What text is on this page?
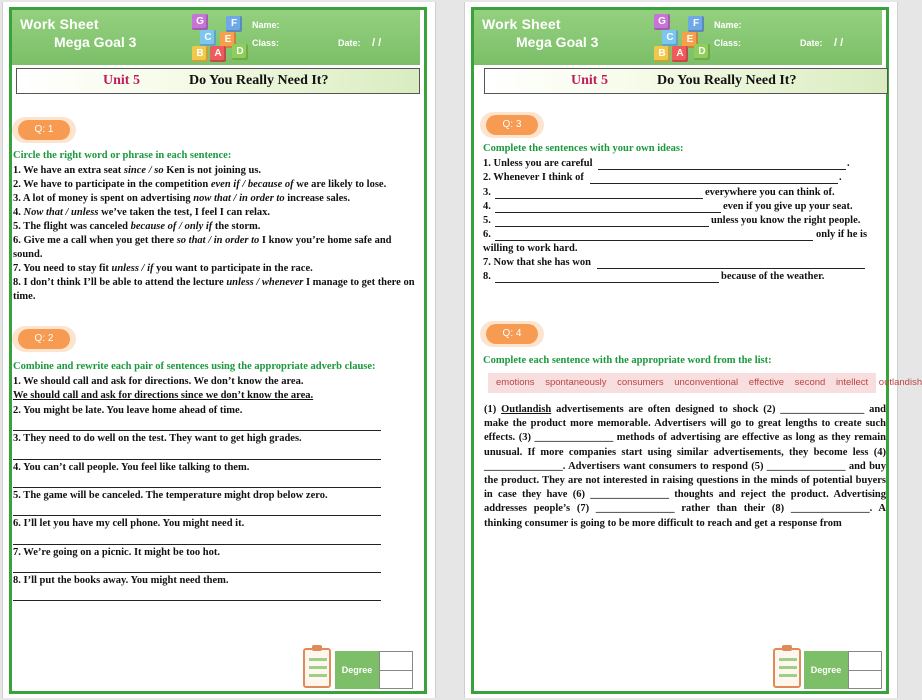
Work Sheet
Mega Goal 3
G	F
C	E
D
A
B
Name:
Class:	Date: / /
Unit 5	Do You Really Need It?
Q: 1
Circle the right word or phrase in each sentence:
1. We have an extra seat since / so Ken is not joining us.
2. We have to participate in the competition even if / because of we are likely to lose.
3. A lot of money is spent on advertising now that / in order to increase sales.
4. Now that / unless we’ve taken the test, I feel I can relax.
5. The flight was canceled because of / only if the storm.
6. Give me a call when you get there so that / in order to I know you’re home safe and sound.
7. You need to stay fit unless / if you want to participate in the race.
8. I don’t think I’ll be able to attend the lecture unless / whenever I manage to get there on time.
Q: 2
Combine and rewrite each pair of sentences using the appropriate adverb clause:
1. We should call and ask for directions. We don’t know the area.
We should call and ask for directions since we don’t know the area.
2. You might be late. You leave home ahead of time.
3. They need to do well on the test. They want to get high grades.
4. You can’t call people. You feel like talking to them.
5. The game will be canceled. The temperature might drop below zero.
6. I’ll let you have my cell phone. You might need it.
7. We’re going on a picnic. It might be too hot.
8. I’ll put the books away. You might need them.
Degree
Work Sheet
Mega Goal 3
G	F
C	E
D
A
B
Name:
Class:	Date: / /
Unit 5	Do You Really Need It?
Q: 3
Complete the sentences with your own ideas:
1. Unless you are careful	.
2. Whenever I think of	.
3.	everywhere you can think of.
4.	even if you give up your seat.
5.	unless you know the right people.
6.	only if he is
willing to work hard.
7. Now that she has won
8.	because of the weather.
Q: 4
Complete each sentence with the appropriate word from the list:
emotions spontaneously consumers unconventional effective second intellect outlandish
(1) Outlandish advertisements are often designed to shock (2) ________________ and make the product more memorable. Advertisers will go to great lengths to create such effects. (3) _______________ methods of advertising are effective as long as they remain unusual. If more companies start using similar advertisements, they become less (4) _______________. Advertisers want consumers to respond (5) _______________ and buy the product. They are not interested in raising questions in the minds of potential buyers in case they have (6) _______________ thoughts and reject the product. Advertising addresses people’s (7) _______________ rather than their (8) _______________. A thinking consumer is going to be more difficult to reach and get a response from
Degree
